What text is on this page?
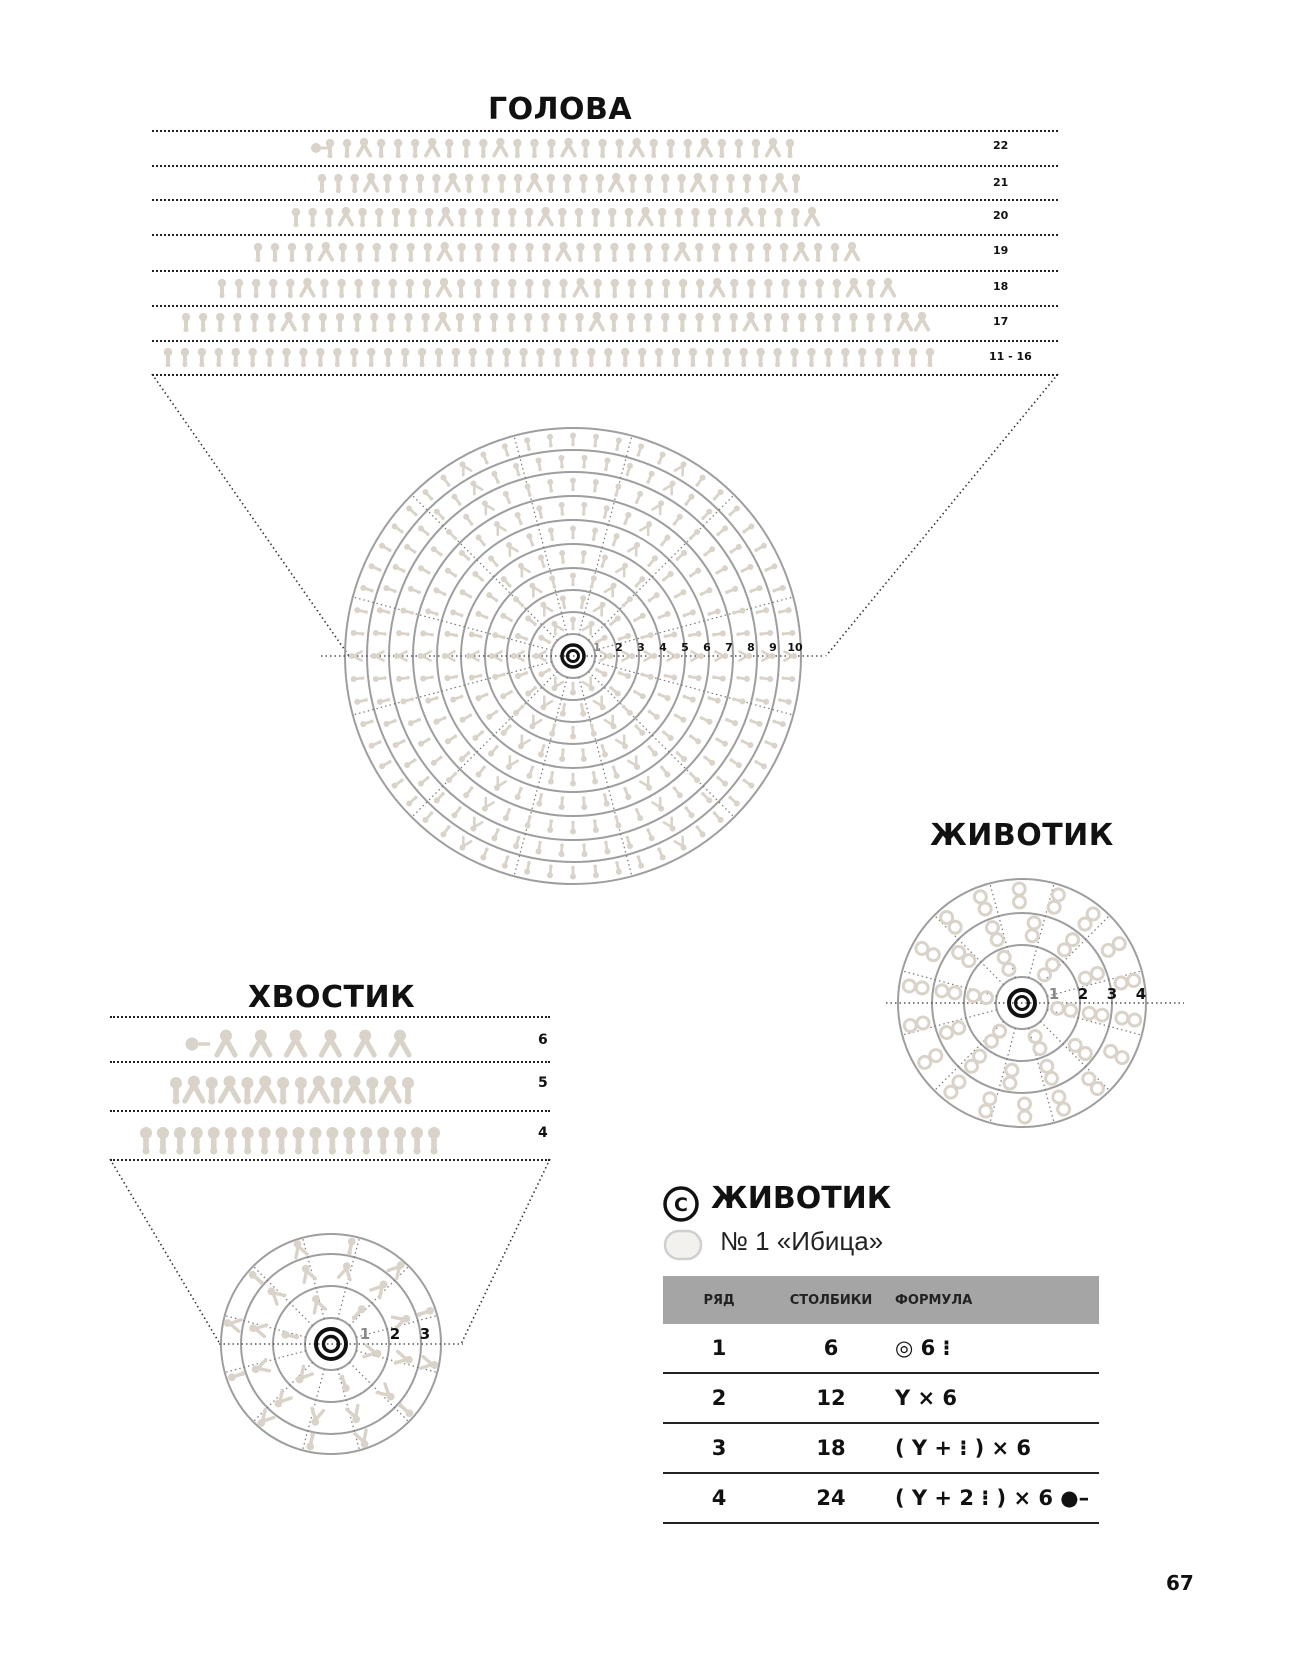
ГОЛОВА
22
21
20
19
18
17
11 - 16
ЖИВОТИК
ХВОСТИК
6
5
4
1 2 3 4 5 6 7 8 9 10
1 2 3 4
1 2 3
C ЖИВОТИК
№ 1 «Ибица»
РЯД	СТОЛБИКИ	ФОРМУЛА
1	6	◎ 6 ⁝
2	12	Y × 6
3	18	( Y + ⁝ ) × 6
4	24	( Y + 2 ⁝ ) × 6 ●–
67
